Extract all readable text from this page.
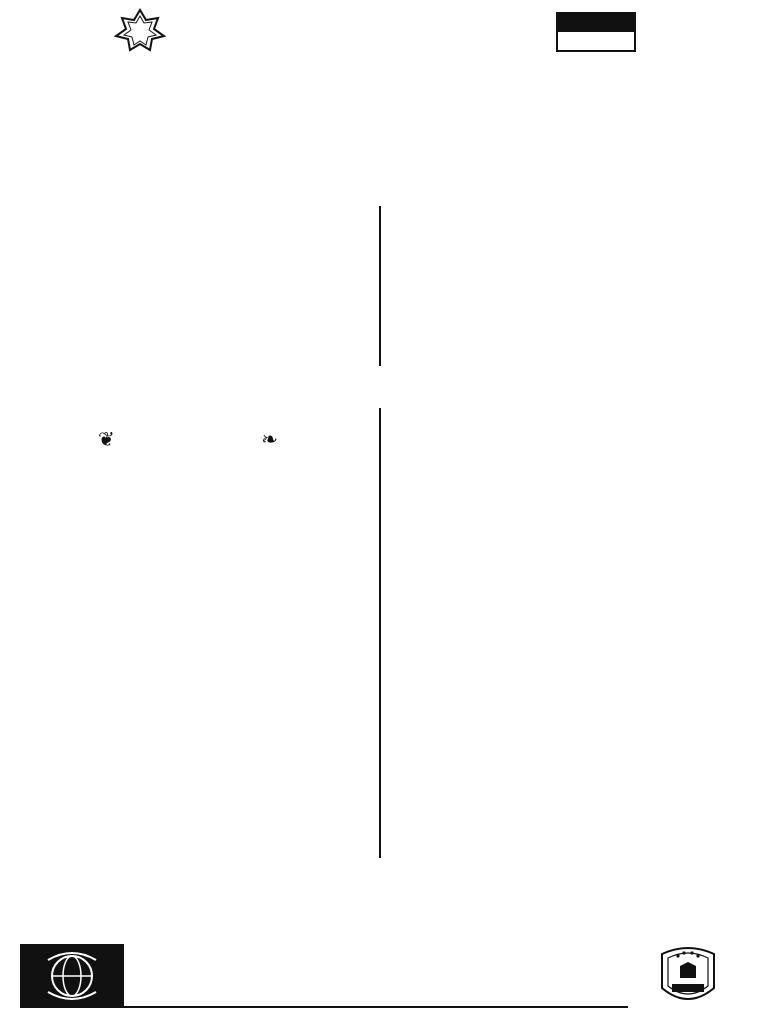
❦	❧
